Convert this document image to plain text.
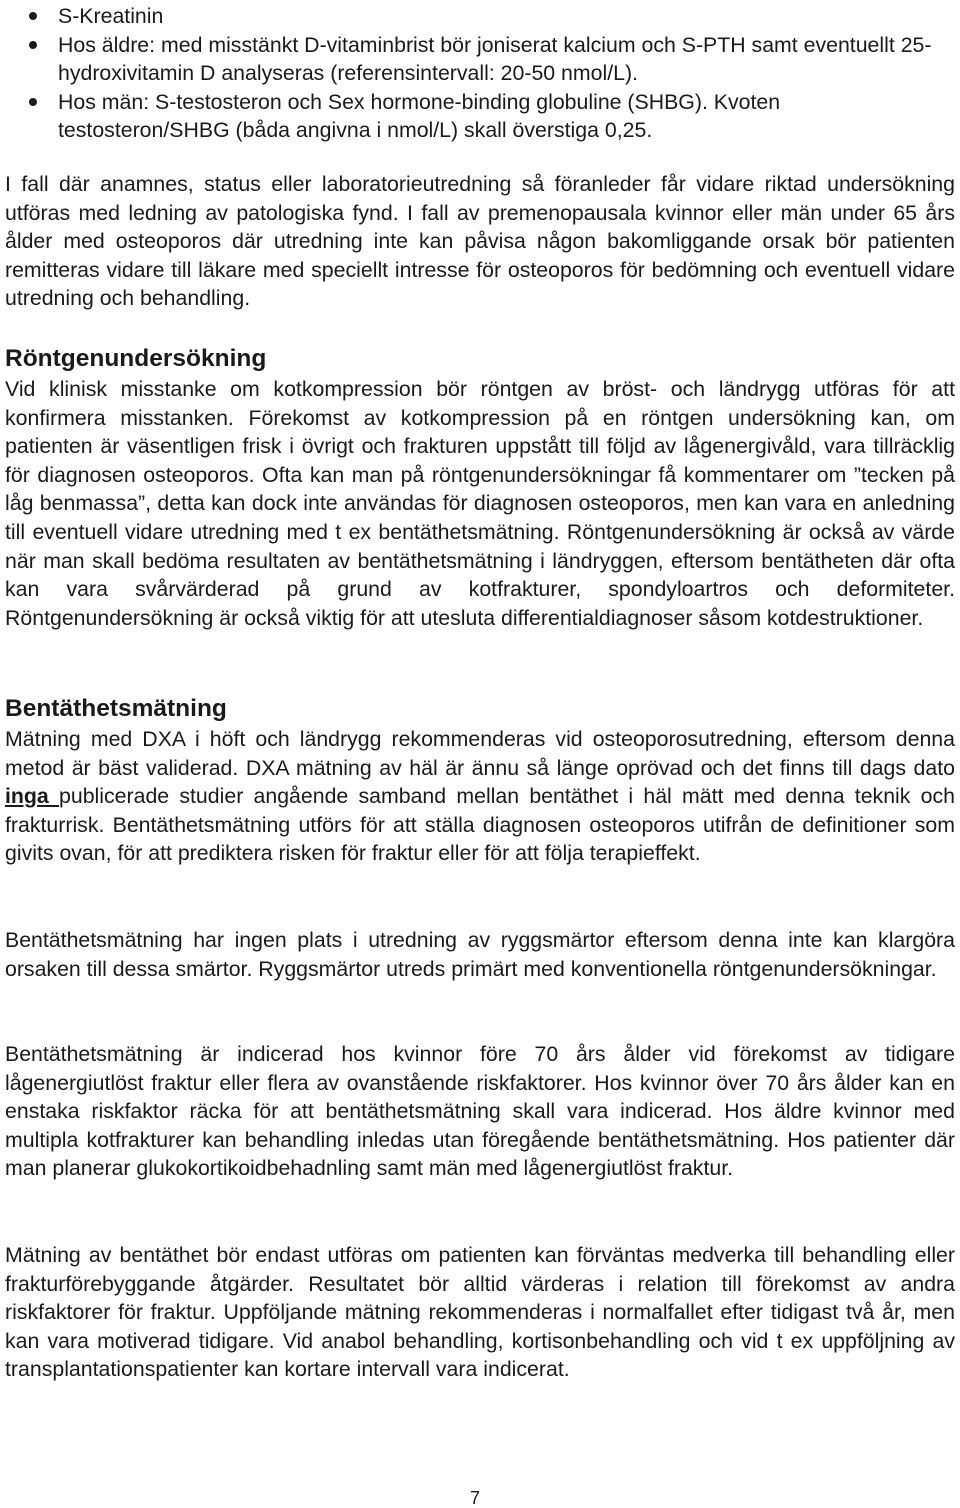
S-Kreatinin
Hos äldre: med misstänkt D-vitaminbrist bör joniserat kalcium och S-PTH samt eventuellt 25-hydroxivitamin D analyseras (referensintervall: 20-50 nmol/L).
Hos män: S-testosteron och Sex hormone-binding globuline (SHBG). Kvoten testosteron/SHBG (båda angivna i nmol/L) skall överstiga 0,25.

I fall där anamnes, status eller laboratorieutredning så föranleder får vidare riktad undersökning utföras med ledning av patologiska fynd. I fall av premenopausala kvinnor eller män under 65 års ålder med osteoporos där utredning inte kan påvisa någon bakomliggande orsak bör patienten remitteras vidare till läkare med speciellt intresse för osteoporos för bedömning och eventuell vidare utredning och behandling.

Röntgenundersökning

Vid klinisk misstanke om kotkompression bör röntgen av bröst- och ländrygg utföras för att konfirmera misstanken. Förekomst av kotkompression på en röntgen undersökning kan, om patienten är väsentligen frisk i övrigt och frakturen uppstått till följd av lågenergivåld, vara tillräcklig för diagnosen osteoporos. Ofta kan man på röntgenundersökningar få kommentarer om ”tecken på låg benmassa”, detta kan dock inte användas för diagnosen osteoporos, men kan vara en anledning till eventuell vidare utredning med t ex bentäthetsmätning. Röntgenundersökning är också av värde när man skall bedöma resultaten av bentäthetsmätning i ländryggen, eftersom bentätheten där ofta kan vara svårvärderad på grund av kotfrakturer, spondyloartros och deformiteter. Röntgenundersökning är också viktig för att utesluta differentialdiagnoser såsom kotdestruktioner.

Bentäthetsmätning

Mätning med DXA i höft och ländrygg rekommenderas vid osteoporosutredning, eftersom denna metod är bäst validerad. DXA mätning av häl är ännu så länge oprövad och det finns till dags dato inga publicerade studier angående samband mellan bentäthet i häl mätt med denna teknik och frakturrisk. Bentäthetsmätning utförs för att ställa diagnosen osteoporos utifrån de definitioner som givits ovan, för att prediktera risken för fraktur eller för att följa terapieffekt.

Bentäthetsmätning har ingen plats i utredning av ryggsmärtor eftersom denna inte kan klargöra orsaken till dessa smärtor. Ryggsmärtor utreds primärt med konventionella röntgenundersökningar.

Bentäthetsmätning är indicerad hos kvinnor före 70 års ålder vid förekomst av tidigare lågenergiutlöst fraktur eller flera av ovanstående riskfaktorer. Hos kvinnor över 70 års ålder kan en enstaka riskfaktor räcka för att bentäthetsmätning skall vara indicerad. Hos äldre kvinnor med multipla kotfrakturer kan behandling inledas utan föregående bentäthetsmätning. Hos patienter där man planerar glukokortikoidbehadnling samt män med lågenergiutlöst fraktur.

Mätning av bentäthet bör endast utföras om patienten kan förväntas medverka till behandling eller frakturförebyggande åtgärder. Resultatet bör alltid värderas i relation till förekomst av andra riskfaktorer för fraktur. Uppföljande mätning rekommenderas i normalfallet efter tidigast två år, men kan vara motiverad tidigare. Vid anabol behandling, kortisonbehandling och vid t ex uppföljning av transplantationspatienter kan kortare intervall vara indicerat.

7
